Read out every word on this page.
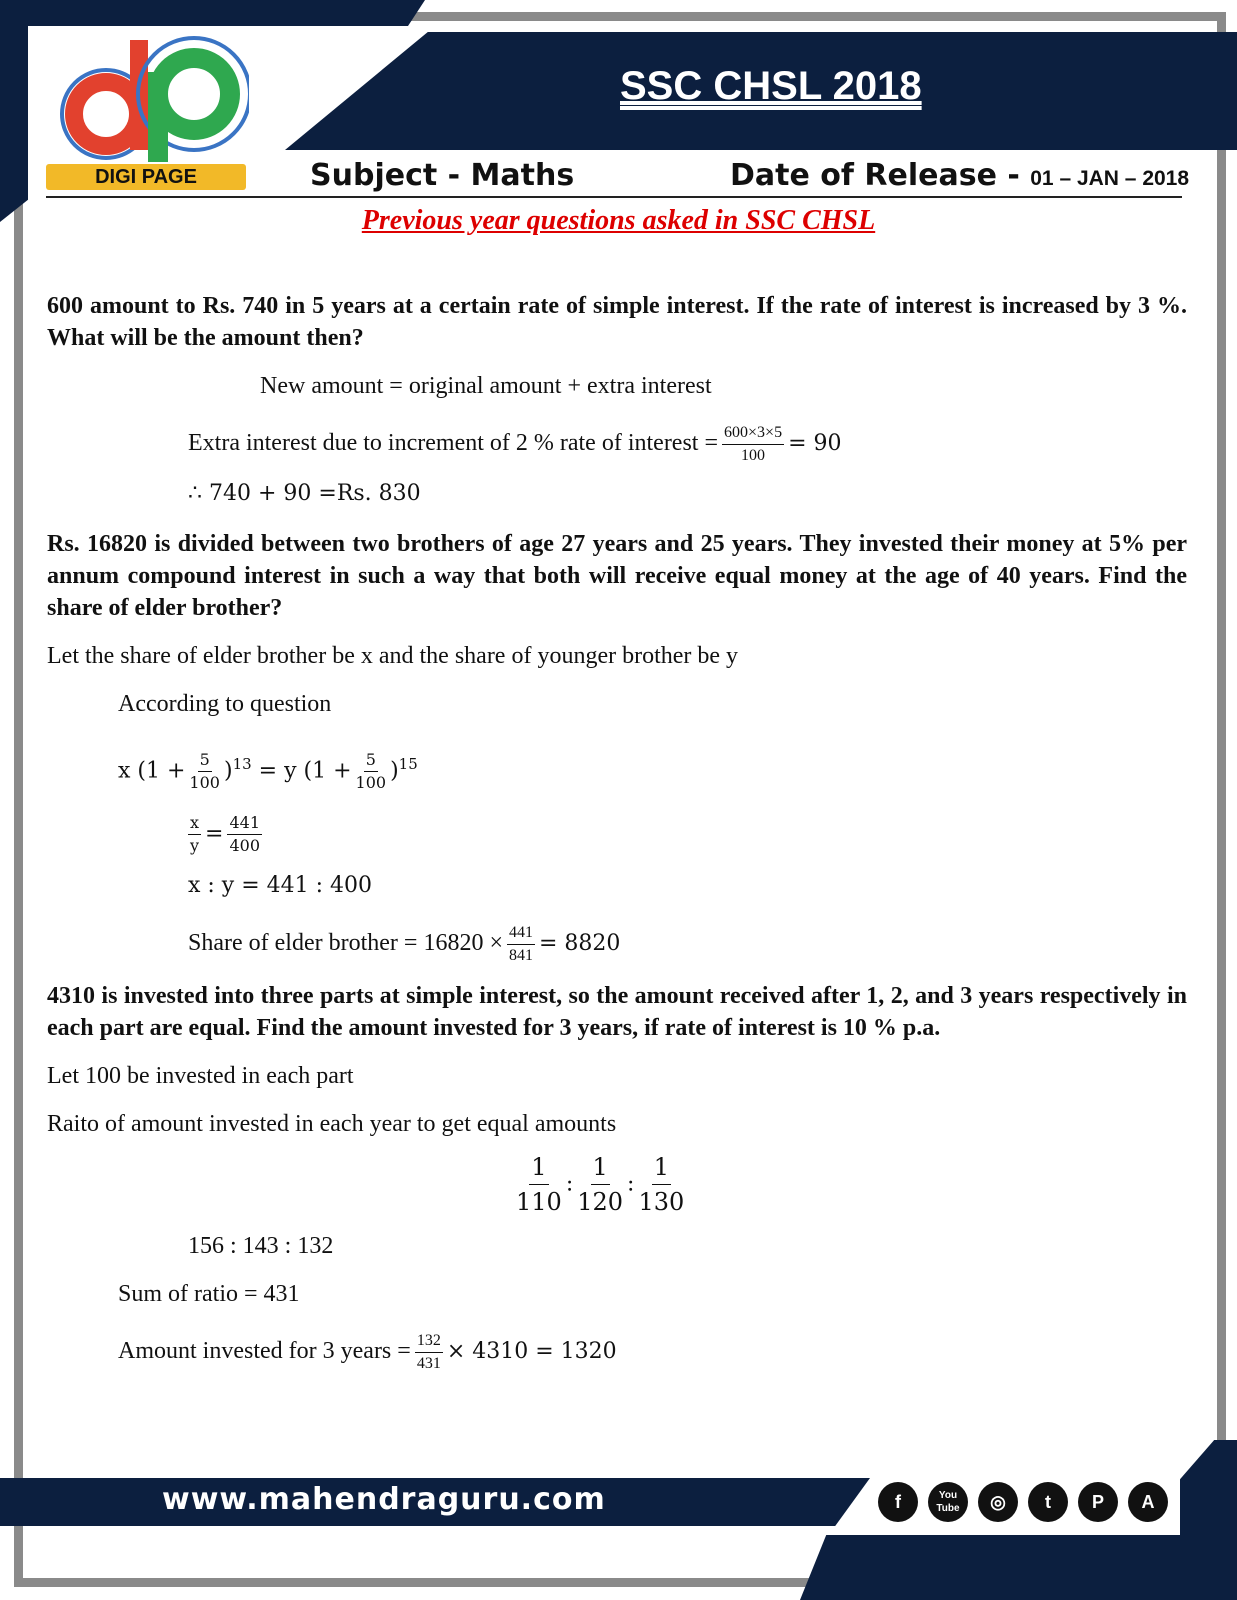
SSC CHSL 2018
DIGI PAGE	Subject - Maths	Date of Release - 01 – JAN – 2018
Previous year questions asked in SSC CHSL
600 amount to Rs. 740 in 5 years at a certain rate of simple interest. If the rate of interest is increased by 3 %. What will be the amount then?
New amount = original amount + extra interest
Extra interest due to increment of 2 % rate of interest = $\frac{600\times 3\times 5}{100} = 90$
∴ 740 + 90 =Rs. 830
Rs. 16820 is divided between two brothers of age 27 years and 25 years. They invested their money at 5% per annum compound interest in such a way that both will receive equal money at the age of 40 years. Find the share of elder brother?
Let the share of elder brother be x and the share of younger brother be y
According to question
x $(1 + \frac{5}{100} )^{13} = y$ $(1 + \frac{5}{100} )^{15}$
$\frac{x}{y} = \frac{441}{400}$
x : y = 441 : 400
Share of elder brother = $16820 \times \frac{441}{841} = 8820$
4310 is invested into three parts at simple interest, so the amount received after 1, 2, and 3 years respectively in each part are equal. Find the amount invested for 3 years, if rate of interest is 10 % p.a.
Let 100 be invested in each part
Raito of amount invested in each year to get equal amounts
$\frac{1}{110}$ : $\frac{1}{120}$ : $\frac{1}{130}$
156 : 143 : 132
Sum of ratio = 431
Amount invested for 3 years = $\frac{132}{431} \times 4310 = 1320$
www.mahendraguru.com	f	You Tube	◎	t	P	A
